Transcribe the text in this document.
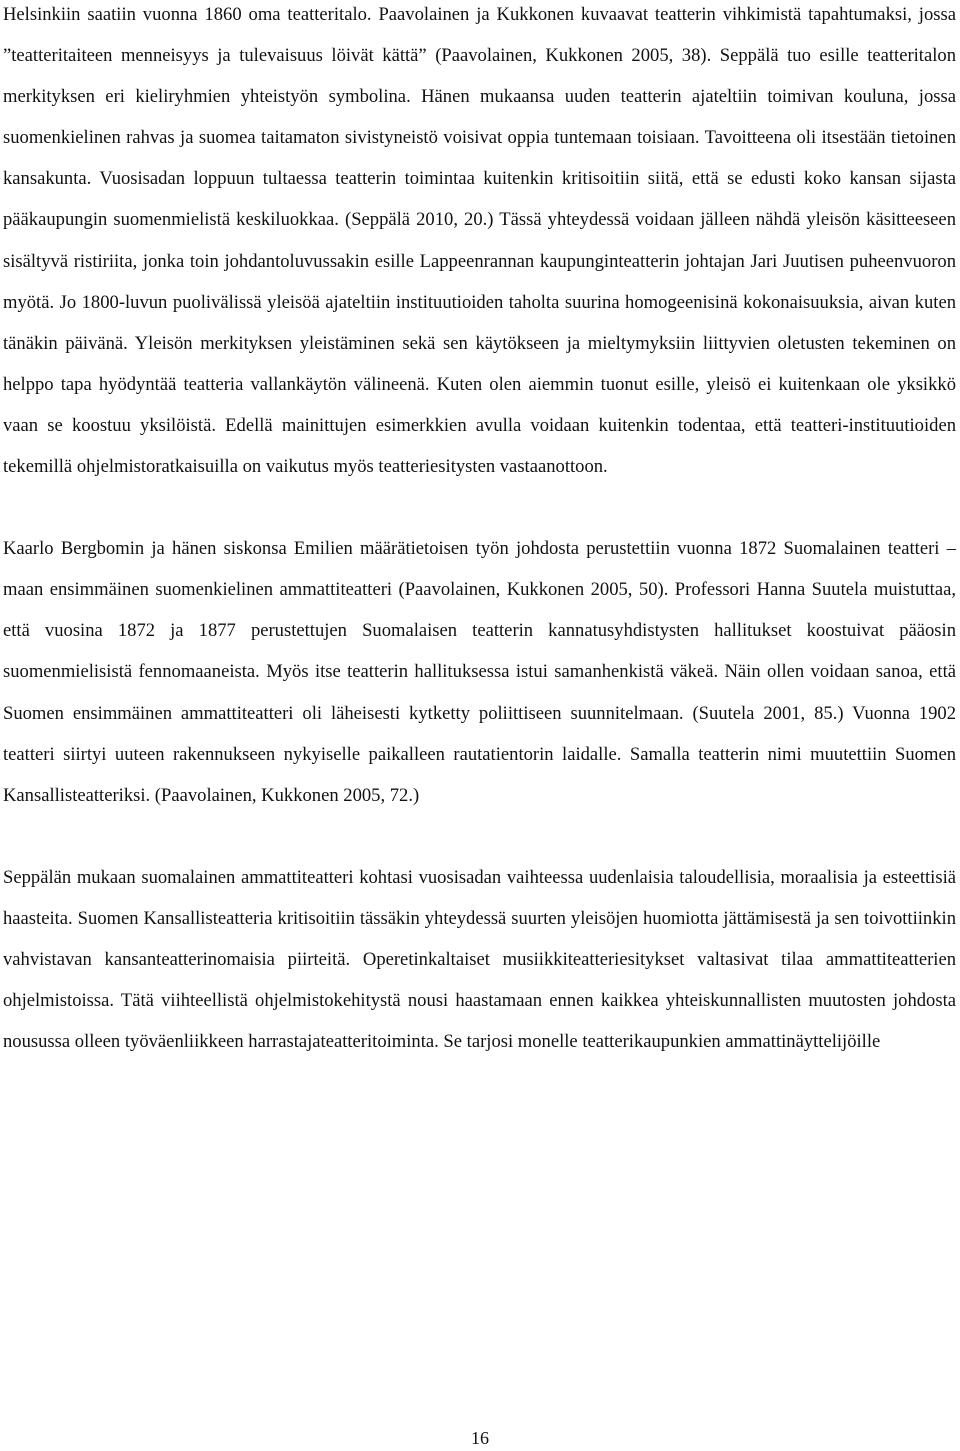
Helsinkiin saatiin vuonna 1860 oma teatteritalo. Paavolainen ja Kukkonen kuvaavat teatterin vihkimistä tapahtumaksi, jossa ”teatteritaiteen menneisyys ja tulevaisuus löivät kättä” (Paavolainen, Kukkonen 2005, 38). Seppälä tuo esille teatteritalon merkityksen eri kieliryhmien yhteistyön symbolina. Hänen mukaansa uuden teatterin ajateltiin toimivan kouluna, jossa suomenkielinen rahvas ja suomea taitamaton sivistyneistö voisivat oppia tuntemaan toisiaan. Tavoitteena oli itsestään tietoinen kansakunta. Vuosisadan loppuun tultaessa teatterin toimintaa kuitenkin kritisoitiin siitä, että se edusti koko kansan sijasta pääkaupungin suomenmielistä keskiluokkaa. (Seppälä 2010, 20.) Tässä yhteydessä voidaan jälleen nähdä yleisön käsitteeseen sisältyvä ristiriita, jonka toin johdantoluvussakin esille Lappeenrannan kaupunginteatterin johtajan Jari Juutisen puheenvuoron myötä. Jo 1800-luvun puolivälissä yleisöä ajateltiin instituutioiden taholta suurina homogeenisinä kokonaisuuksia, aivan kuten tänäkin päivänä. Yleisön merkityksen yleistäminen sekä sen käytökseen ja mieltymyksiin liittyvien oletusten tekeminen on helppo tapa hyödyntää teatteria vallankäytön välineenä. Kuten olen aiemmin tuonut esille, yleisö ei kuitenkaan ole yksikkö vaan se koostuu yksilöistä. Edellä mainittujen esimerkkien avulla voidaan kuitenkin todentaa, että teatteri-instituutioiden tekemillä ohjelmistoratkaisuilla on vaikutus myös teatteriesitysten vastaanottoon.

Kaarlo Bergbomin ja hänen siskonsa Emilien määrätietoisen työn johdosta perustettiin vuonna 1872 Suomalainen teatteri – maan ensimmäinen suomenkielinen ammattiteatteri (Paavolainen, Kukkonen 2005, 50). Professori Hanna Suutela muistuttaa, että vuosina 1872 ja 1877 perustettujen Suomalaisen teatterin kannatusyhdistysten hallitukset koostuivat pääosin suomenmielisistä fennomaaneista. Myös itse teatterin hallituksessa istui samanhenkistä väkeä. Näin ollen voidaan sanoa, että Suomen ensimmäinen ammattiteatteri oli läheisesti kytketty poliittiseen suunnitelmaan. (Suutela 2001, 85.) Vuonna 1902 teatteri siirtyi uuteen rakennukseen nykyiselle paikalleen rautatientorin laidalle. Samalla teatterin nimi muutettiin Suomen Kansallisteatteriksi. (Paavolainen, Kukkonen 2005, 72.)

Seppälän mukaan suomalainen ammattiteatteri kohtasi vuosisadan vaihteessa uudenlaisia taloudellisia, moraalisia ja esteettisiä haasteita. Suomen Kansallisteatteria kritisoitiin tässäkin yhteydessä suurten yleisöjen huomiotta jättämisestä ja sen toivottiinkin vahvistavan kansanteatterinomaisia piirteitä. Operetinkaltaiset musiikkiteatteriesitykset valtasivat tilaa ammattiteatterien ohjelmistoissa. Tätä viihteellistä ohjelmistokehitystä nousi haastamaan ennen kaikkea yhteiskunnallisten muutosten johdosta nousussa olleen työväenliikkeen harrastajateatteritoiminta. Se tarjosi monelle teatterikaupunkien ammattinäyttelijöille

16
